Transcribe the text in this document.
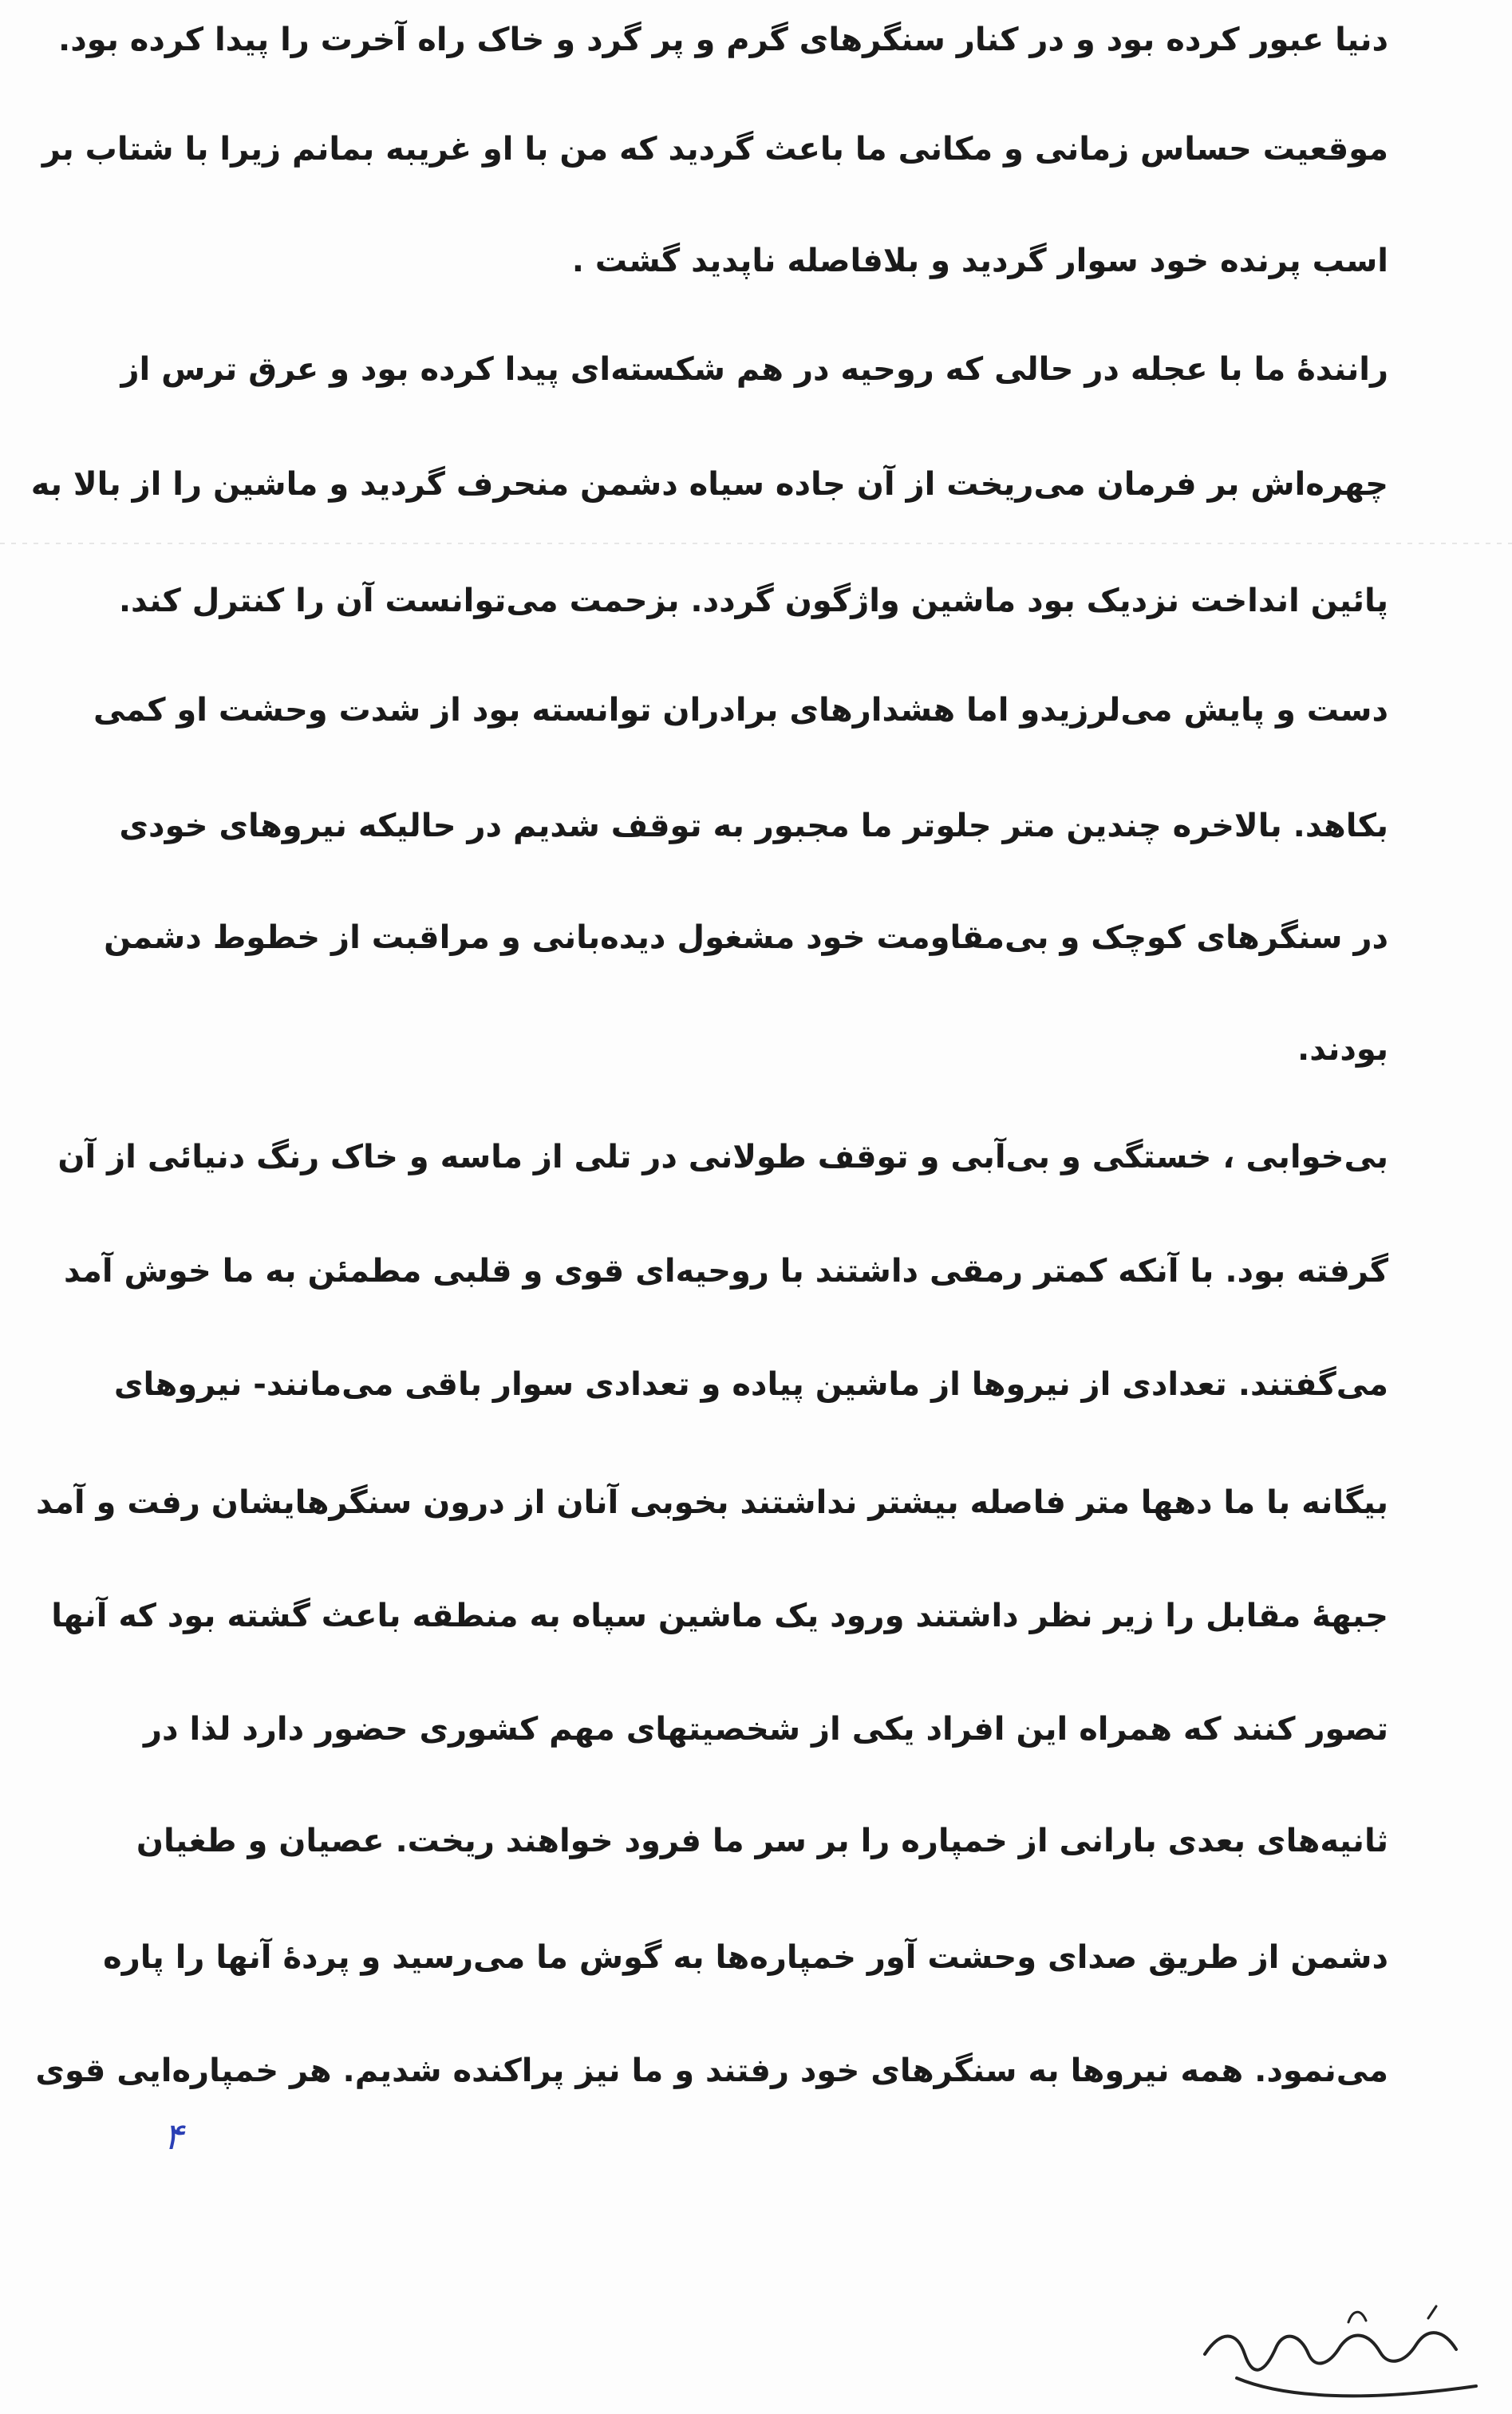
دنیا عبور کرده بود و در کنار سنگرهای گرم و پر گرد و خاک راه آخرت را پیدا کرده بود.
موقعیت حساس زمانی و مکانی ما باعث گردید که من با او غریبه بمانم زیرا با شتاب بر
اسب پرنده خود سوار گردید و بلافاصله ناپدید گشت .
رانندهٔ ما با عجله در حالی که روحیه در هم شکسته‌ای پیدا کرده بود و عرق ترس از
چهره‌اش بر فرمان می‌ریخت از آن جاده سیاه دشمن منحرف گردید و ماشین را از بالا به
پائین انداخت نزدیک بود ماشین واژگون گردد. بزحمت می‌توانست آن را کنترل کند.
دست و پایش می‌لرزیدو اما هشدارهای برادران توانسته بود از شدت وحشت او کمی
بکاهد. بالاخره چندین متر جلوتر ما مجبور به توقف شدیم در حالیکه نیروهای خودی
در سنگرهای کوچک و بی‌مقاومت خود مشغول دیده‌بانی و مراقبت از خطوط دشمن
بودند.
بی‌خوابی ، خستگی و بی‌آبی و توقف طولانی در تلی از ماسه و خاک رنگ دنیائی از آن
گرفته بود. با آنکه کمتر رمقی داشتند با روحیه‌ای قوی و قلبی مطمئن به ما خوش آمد
می‌گفتند. تعدادی از نیروها از ماشین پیاده و تعدادی سوار باقی می‌مانند- نیروهای
بیگانه با ما دهها متر فاصله بیشتر نداشتند بخوبی آنان از درون سنگرهایشان رفت و آمد
جبههٔ مقابل را زیر نظر داشتند ورود یک ماشین سپاه به منطقه باعث گشته بود که آنها
تصور کنند که همراه این افراد یکی از شخصیتهای مهم کشوری حضور دارد لذا در
ثانیه‌های بعدی بارانی از خمپاره را بر سر ما فرود خواهند ریخت. عصیان و طغیان
دشمن از طریق صدای وحشت آور خمپاره‌ها به گوش ما می‌رسید و پردهٔ آنها را پاره
می‌نمود. همه نیروها به سنگرهای خود رفتند و ما نیز پراکنده شدیم. هر خمپاره‌ایی قوی
۴
